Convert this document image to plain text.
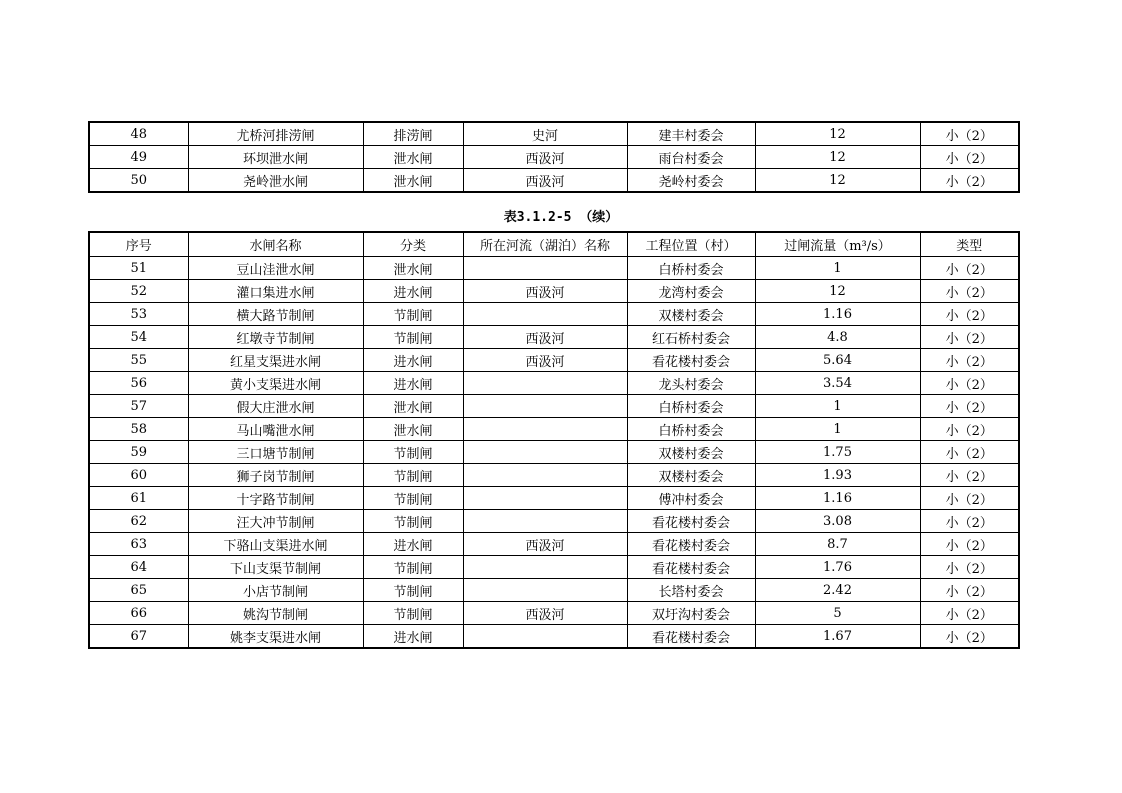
48	尤桥河排涝闸	排涝闸	史河	建丰村委会	12	小（2）
49	环坝泄水闸	泄水闸	西汲河	雨台村委会	12	小（2）
50	尧岭泄水闸	泄水闸	西汲河	尧岭村委会	12	小（2）
表3.1.2-5 （续）
序号	水闸名称	分类	所在河流（湖泊）名称	工程位置（村）	过闸流量（m³/s）	类型
51	豆山洼泄水闸	泄水闸		白桥村委会	1	小（2）
52	灌口集进水闸	进水闸	西汲河	龙湾村委会	12	小（2）
53	横大路节制闸	节制闸		双楼村委会	1.16	小（2）
54	红墩寺节制闸	节制闸	西汲河	红石桥村委会	4.8	小（2）
55	红星支渠进水闸	进水闸	西汲河	看花楼村委会	5.64	小（2）
56	黄小支渠进水闸	进水闸		龙头村委会	3.54	小（2）
57	假大庄泄水闸	泄水闸		白桥村委会	1	小（2）
58	马山嘴泄水闸	泄水闸		白桥村委会	1	小（2）
59	三口塘节制闸	节制闸		双楼村委会	1.75	小（2）
60	狮子岗节制闸	节制闸		双楼村委会	1.93	小（2）
61	十字路节制闸	节制闸		傅冲村委会	1.16	小（2）
62	汪大冲节制闸	节制闸		看花楼村委会	3.08	小（2）
63	下骆山支渠进水闸	进水闸	西汲河	看花楼村委会	8.7	小（2）
64	下山支渠节制闸	节制闸		看花楼村委会	1.76	小（2）
65	小店节制闸	节制闸		长塔村委会	2.42	小（2）
66	姚沟节制闸	节制闸	西汲河	双圩沟村委会	5	小（2）
67	姚李支渠进水闸	进水闸		看花楼村委会	1.67	小（2）
